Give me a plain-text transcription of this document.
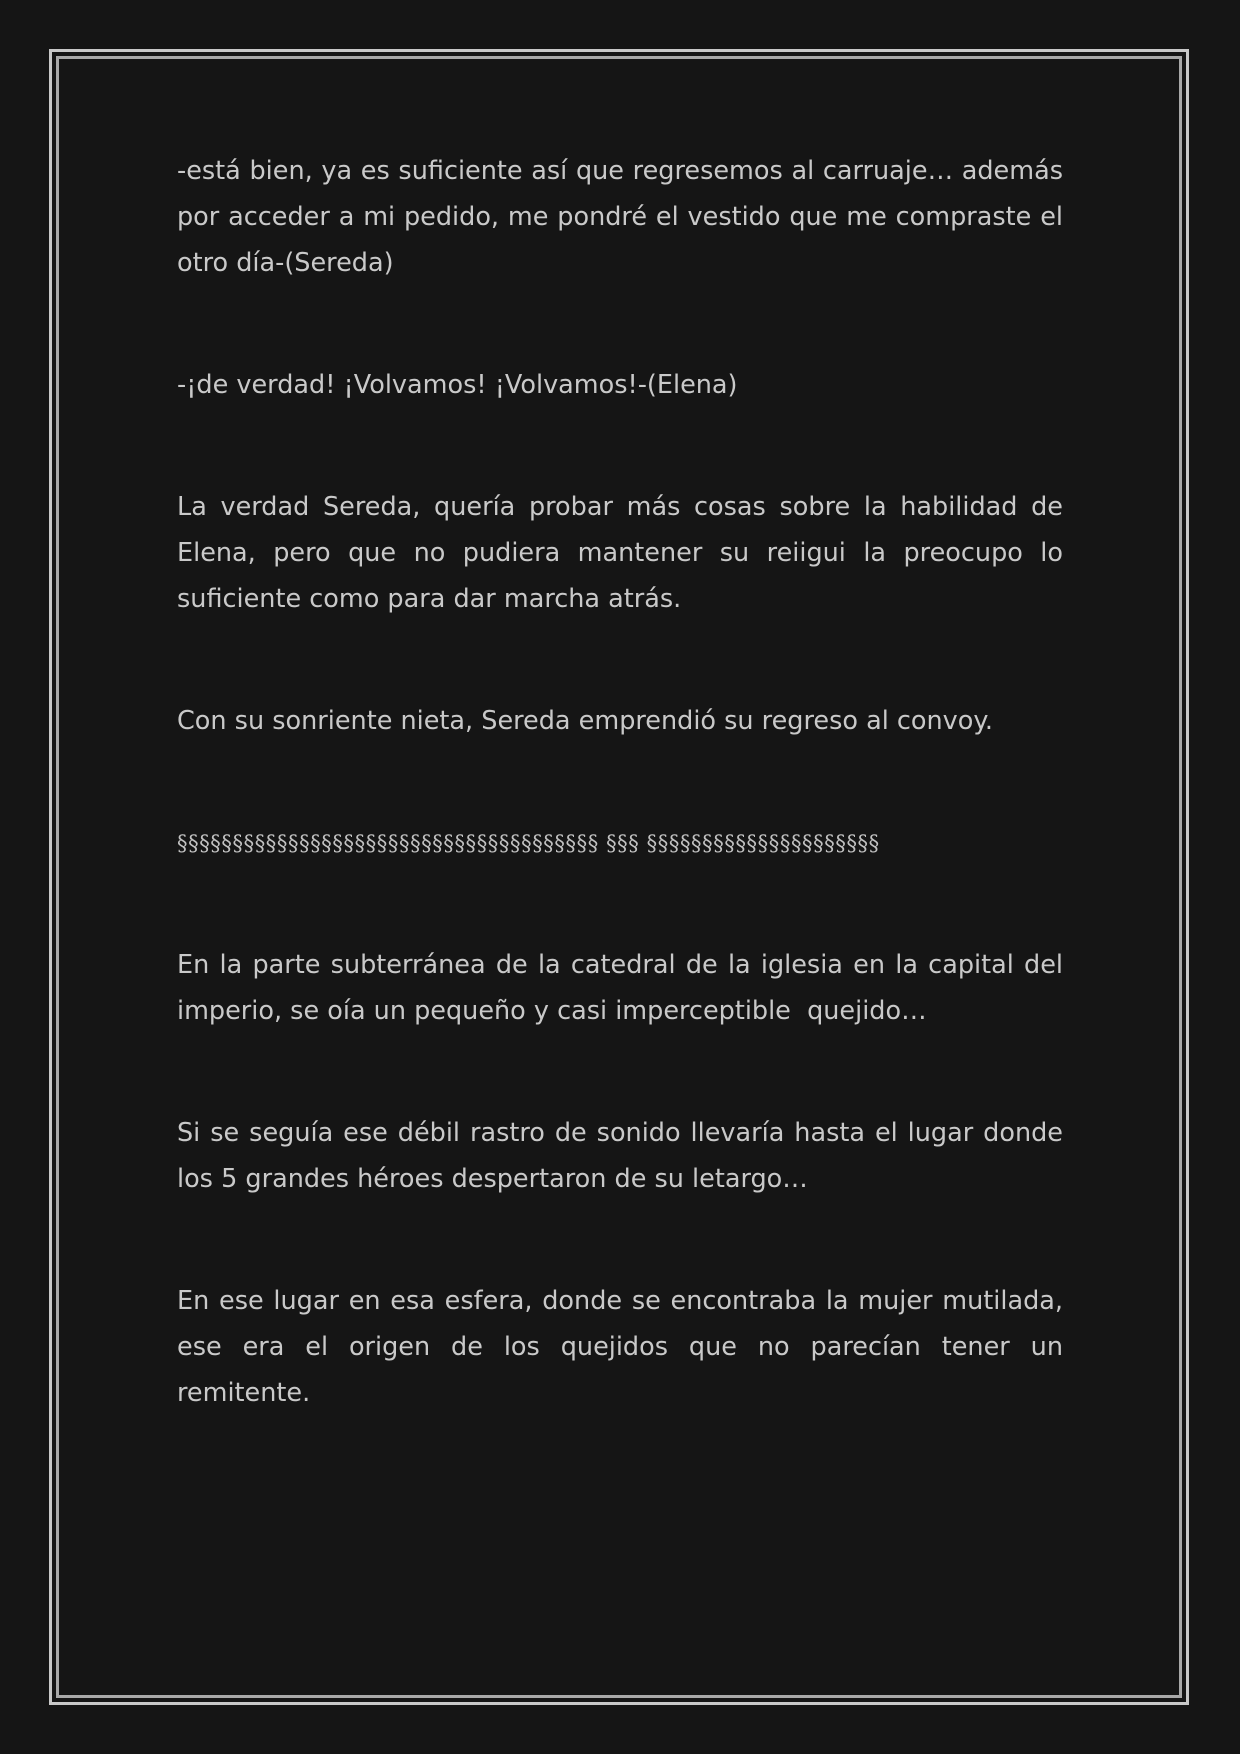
-está bien, ya es suficiente así que regresemos al carruaje… además por acceder a mi pedido, me pondré el vestido que me compraste el otro día-(Sereda)

-¡de verdad! ¡Volvamos! ¡Volvamos!-(Elena)

La verdad Sereda, quería probar más cosas sobre la habilidad de Elena, pero que no pudiera mantener su reiigui la preocupo lo suficiente como para dar marcha atrás.

Con su sonriente nieta, Sereda emprendió su regreso al convoy.

§§§§§§§§§§§§§§§§§§§§§§§§§§§§§§§§§§§§§§ §§§ §§§§§§§§§§§§§§§§§§§§§

En la parte subterránea de la catedral de la iglesia en la capital del imperio, se oía un pequeño y casi imperceptible  quejido…

Si se seguía ese débil rastro de sonido llevaría hasta el lugar donde los 5 grandes héroes despertaron de su letargo…

En ese lugar en esa esfera, donde se encontraba la mujer mutilada, ese era el origen de los quejidos que no parecían tener un remitente.
